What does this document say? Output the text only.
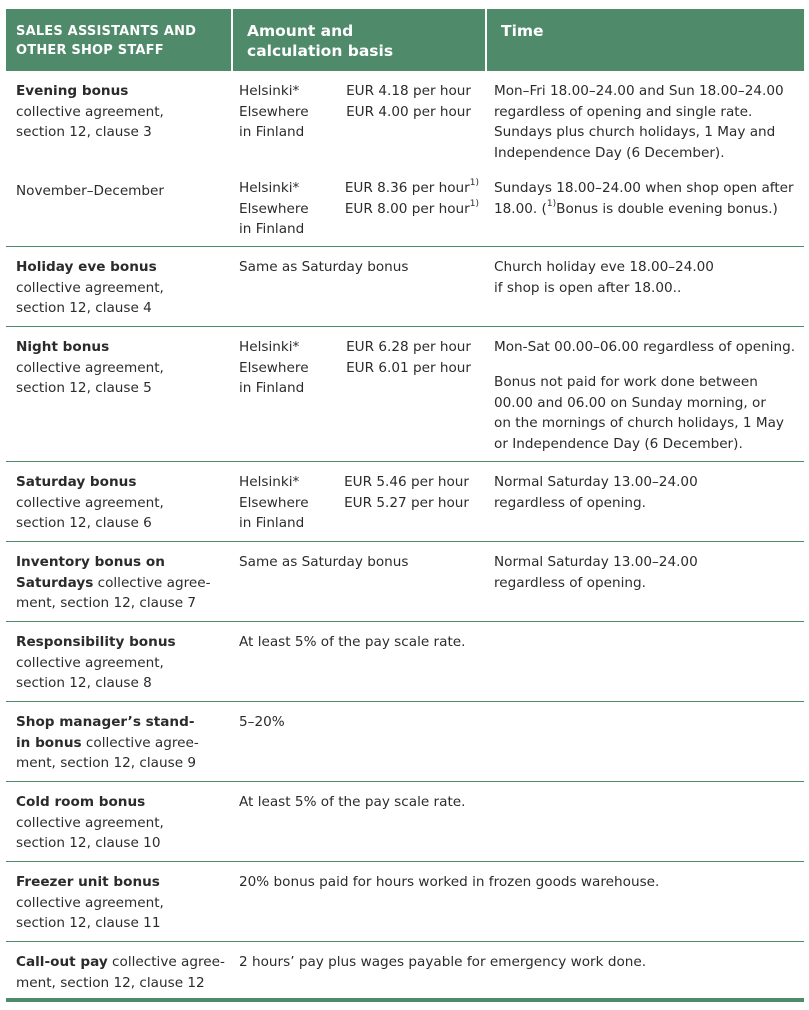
SALES ASSISTANTS AND
OTHER SHOP STAFF
Amount and
calculation basis
Time
Evening bonus
collective agreement,
section 12, clause 3
November–December
Helsinki*
Elsewhere
in Finland
EUR 4.18 per hour
EUR 4.00 per hour
Helsinki*
Elsewhere
in Finland
EUR 8.36 per hour$^{1)}$
EUR 8.00 per hour$^{1)}$
Mon–Fri 18.00–24.00 and Sun 18.00–24.00
regardless of opening and single rate.
Sundays plus church holidays, 1 May and
Independence Day (6 December).
Sundays 18.00–24.00 when shop open after
18.00. ($^{1)}$Bonus is double evening bonus.)
Holiday eve bonus
collective agreement,
section 12, clause 4
Same as Saturday bonus	Church holiday eve 18.00–24.00
if shop is open after 18.00..
Night bonus
collective agreement,
section 12, clause 5
Helsinki*
Elsewhere
in Finland
EUR 6.28 per hour
EUR 6.01 per hour
Mon-Sat 00.00–06.00 regardless of opening.
Bonus not paid for work done between
00.00 and 06.00 on Sunday morning, or
on the mornings of church holidays, 1 May
or Independence Day (6 December).
Saturday bonus
collective agreement,
section 12, clause 6
Helsinki*
Elsewhere
in Finland
EUR 5.46 per hour
EUR 5.27 per hour
Normal Saturday 13.00–24.00
regardless of opening.
Inventory bonus on
Saturdays collective agree-
ment, section 12, clause 7
Same as Saturday bonus	Normal Saturday 13.00–24.00
regardless of opening.
Responsibility bonus
collective agreement,
section 12, clause 8
At least 5% of the pay scale rate.
Shop manager’s stand-
in bonus collective agree-
ment, section 12, clause 9
5–20%
Cold room bonus
collective agreement,
section 12, clause 10
At least 5% of the pay scale rate.
Freezer unit bonus
collective agreement,
section 12, clause 11
20% bonus paid for hours worked in frozen goods warehouse.
Call-out pay collective agree-
ment, section 12, clause 12
2 hours’ pay plus wages payable for emergency work done.
